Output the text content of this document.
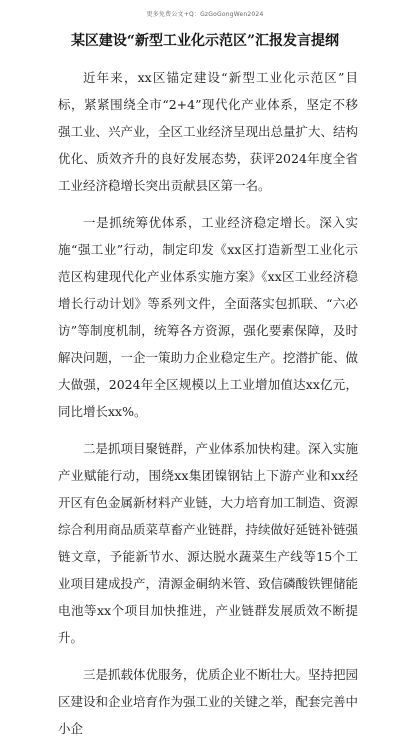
更多免费公文+Q：GzGoGongWen2024
某区建设“新型工业化示范区”汇报发言提纲

近年来，xx区锚定建设“新型工业化示范区”目标，紧紧围绕全市“2+4”现代化产业体系，坚定不移强工业、兴产业，全区工业经济呈现出总量扩大、结构优化、质效齐升的良好发展态势，获评2024年度全省工业经济稳增长突出贡献县区第一名。

一是抓统筹优体系，工业经济稳定增长。深入实施“强工业”行动，制定印发《xx区打造新型工业化示范区构建现代化产业体系实施方案》《xx区工业经济稳增长行动计划》等系列文件，全面落实包抓联、“六必访”等制度机制，统筹各方资源，强化要素保障，及时解决问题，一企一策助力企业稳定生产。挖潜扩能、做大做强，2024年全区规模以上工业增加值达xx亿元，同比增长xx%。

二是抓项目聚链群，产业体系加快构建。深入实施产业赋能行动，围绕xx集团镍钢钴上下游产业和xx经开区有色金属新材料产业链，大力培育加工制造、资源综合利用商品质菜草畜产业链群，持续做好延链补链强链文章，予能新节水、源达脱水蔬菜生产线等15个工业项目建成投产，清源金硐纳米管、致信磷酸铁锂储能电池等xx个项目加快推进，产业链群发展质效不断提升。

三是抓载体优服务，优质企业不断壮大。坚持把园区建设和企业培育作为强工业的关键之举，配套完善中小企
